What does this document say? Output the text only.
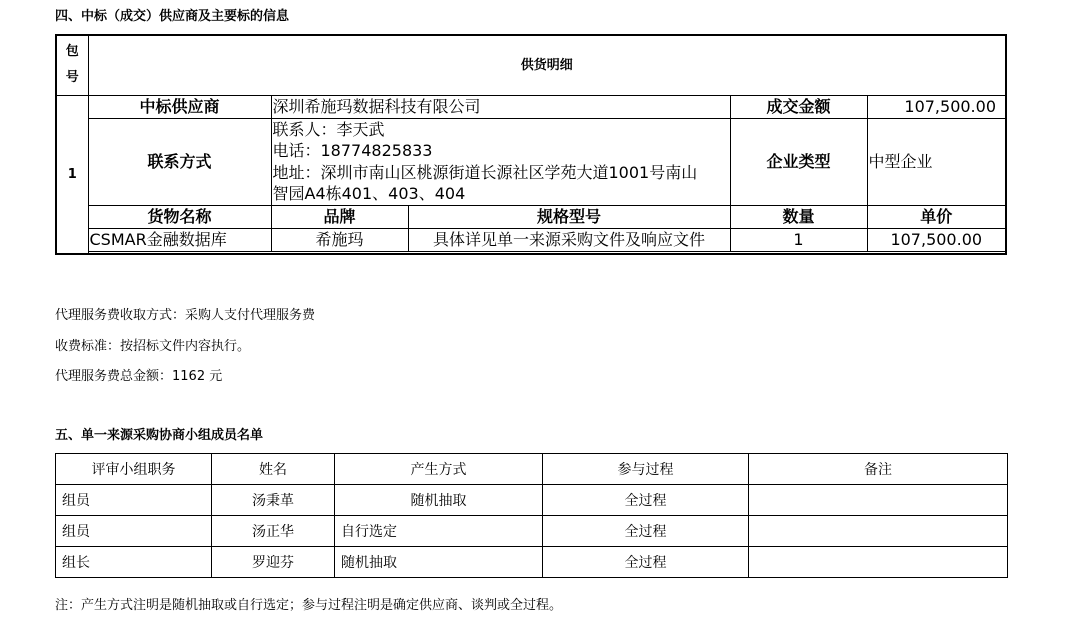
四、中标（成交）供应商及主要标的信息
包号	供货明细				
1	中标供应商	深圳希施玛数据科技有限公司		成交金额	107,500.00
	联系方式	联系人：李天武
电话：18774825833
地址：深圳市南山区桃源街道长源社区学苑大道1001号南山
智园A4栋401、403、404		企业类型	中型企业
	货物名称	品牌	规格型号	数量	单价
	CSMAR金融数据库	希施玛	具体详见单一来源采购文件及响应文件	1	107,500.00

代理服务费收取方式：采购人支付代理服务费
收费标准：按招标文件内容执行。
代理服务费总金额：1162 元
五、单一来源采购协商小组成员名单
评审小组职务	姓名	产生方式	参与过程	备注
组员	汤秉革	随机抽取	全过程	
组员	汤正华	自行选定	全过程	
组长	罗迎芬	随机抽取	全过程	
注：产生方式注明是随机抽取或自行选定；参与过程注明是确定供应商、谈判或全过程。
